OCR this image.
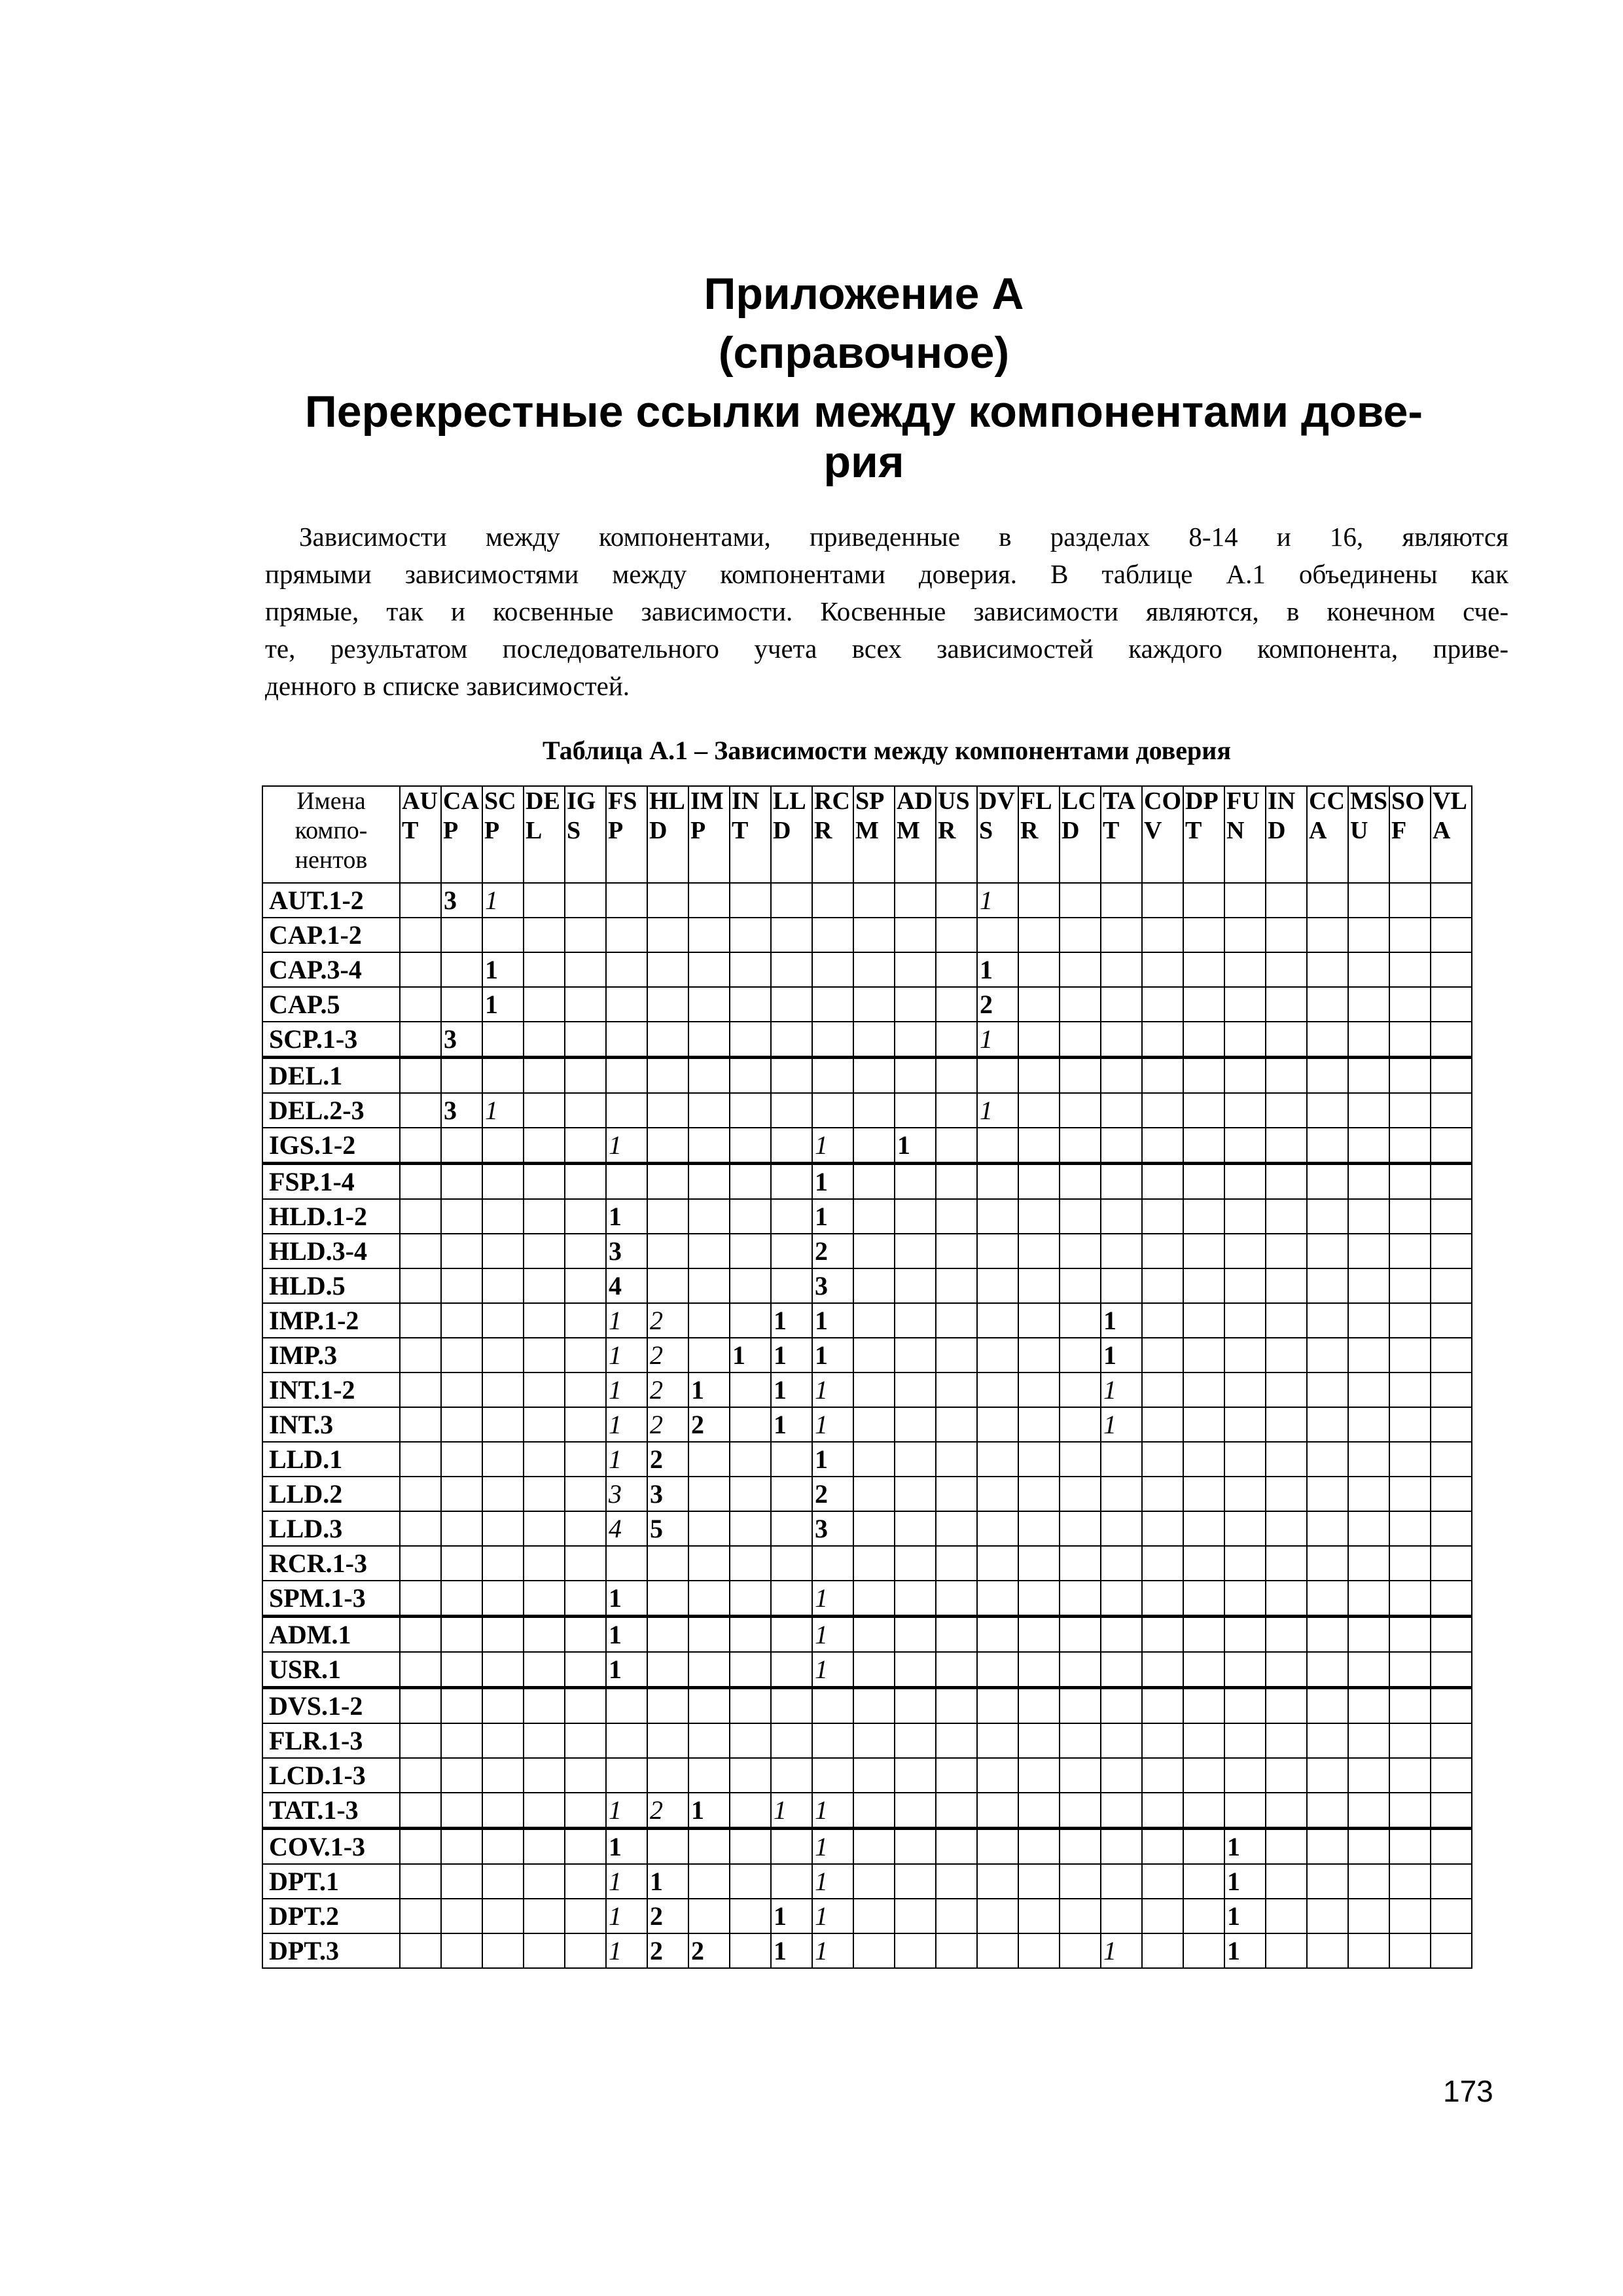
Приложение А
(справочное)
Перекрестные ссылки между компонентами дове-
рия
Зависимости между компонентами, приведенные в разделах 8-14 и 16, являются
прямыми зависимостями между компонентами доверия. В таблице А.1 объединены как
прямые, так и косвенные зависимости. Косвенные зависимости являются, в конечном сче-
те, результатом последовательного учета всех зависимостей каждого компонента, приве-
денного в списке зависимостей.
Таблица А.1 – Зависимости между компонентами доверия
Имена компо- нентов	AUT	CAP	SCP	DEL	IGS	FSP	HLD	IMP	INT	LLD	RCR	SPM	ADM	USR	DVS	FLR	LCD	TAT	COV	DPT	FUN	IND	CCA	MSU	SOF	VLA

AUT.1-2		3	1												1											
CAP.1-2																										
CAP.3-4			1												1											
CAP.5			1												2											
SCP.1-3		3													1											
DEL.1																										
DEL.2-3		3	1												1											
IGS.1-2						1					1		1													
FSP.1-4											1															
HLD.1-2						1					1															
HLD.3-4						3					2															
HLD.5						4					3															
IMP.1-2						1	2			1	1							1								
IMP.3						1	2		1	1	1							1								
INT.1-2						1	2	1		1	1							1								
INT.3						1	2	2		1	1							1								
LLD.1						1	2				1															
LLD.2						3	3				2															
LLD.3						4	5				3															
RCR.1-3																										
SPM.1-3						1					1															
ADM.1						1					1															
USR.1						1					1															
DVS.1-2																										
FLR.1-3																										
LCD.1-3																										
TAT.1-3						1	2	1		1	1															
COV.1-3						1					1										1					
DPT.1						1	1				1										1					
DPT.2						1	2			1	1										1					
DPT.3						1	2	2		1	1							1			1					
173
